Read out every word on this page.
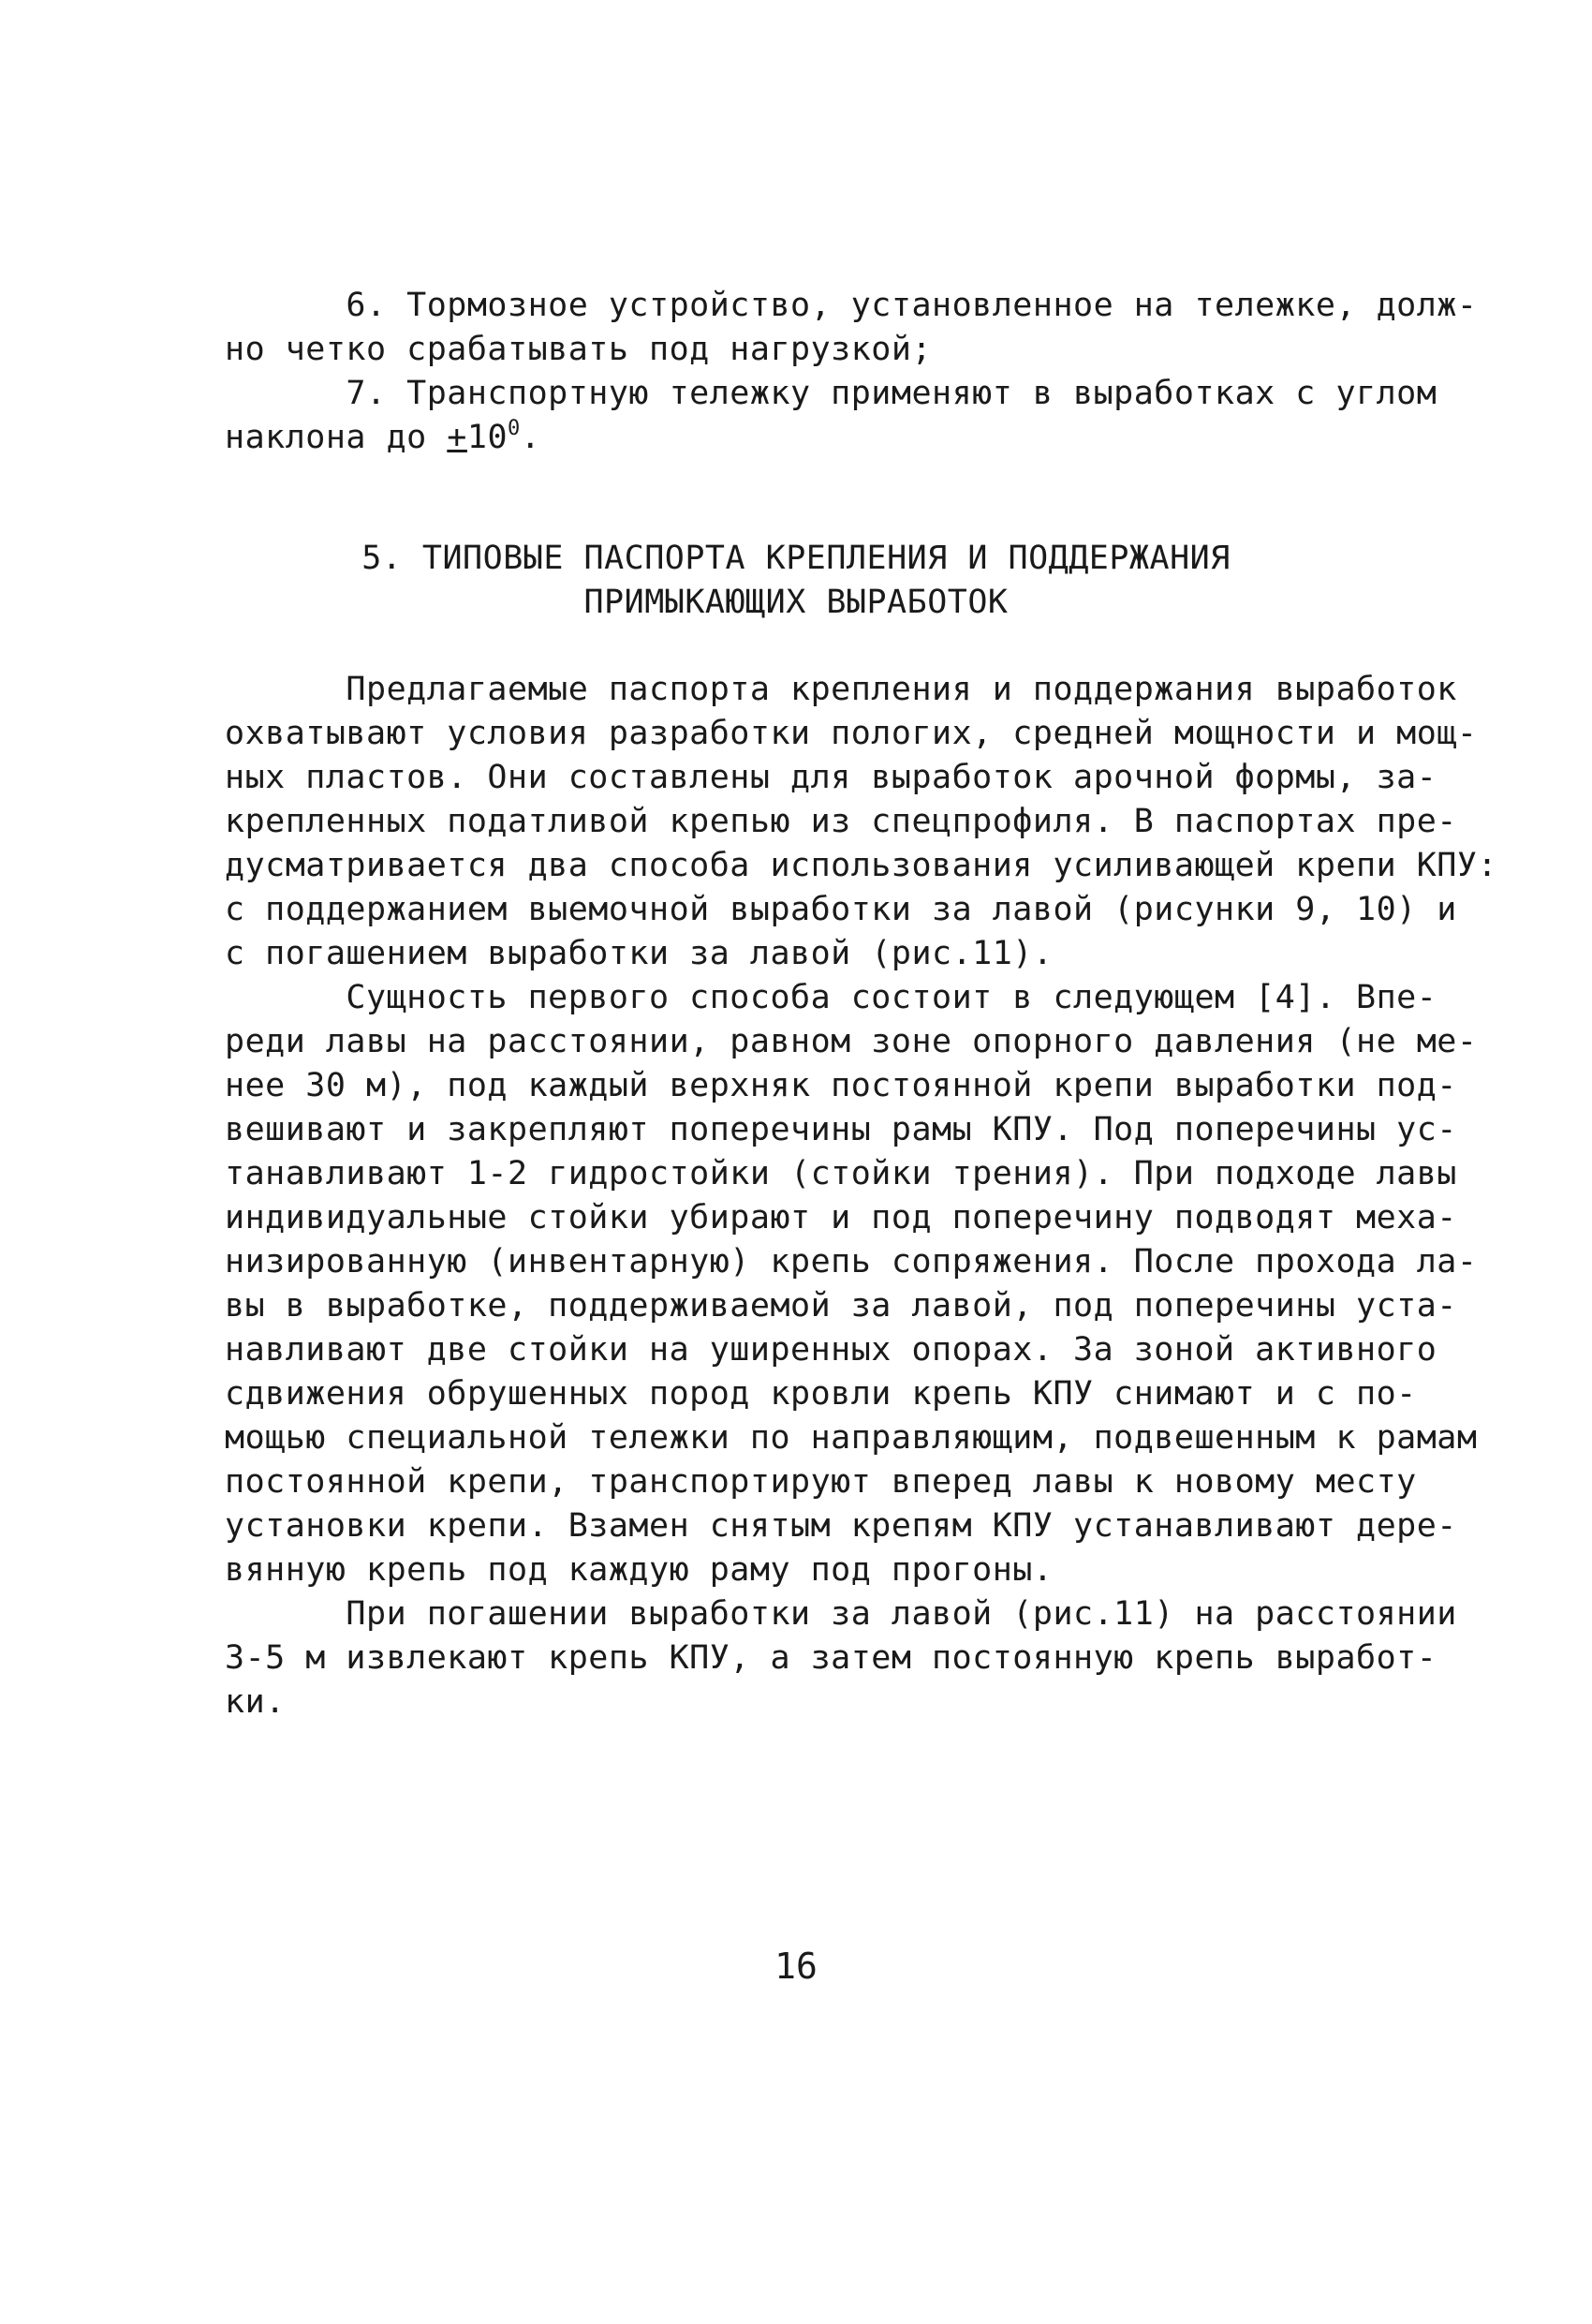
6. Тормозное устройство, установленное на тележке, долж-
но четко срабатывать под нагрузкой;
7. Транспортную тележку применяют в выработках с углом
наклона до $+10^0$.
5. ТИПОВЫЕ ПАСПОРТА КРЕПЛЕНИЯ И ПОДДЕРЖАНИЯ
ПРИМЫКАЮЩИХ ВЫРАБОТОК
Предлагаемые паспорта крепления и поддержания выработок
охватывают условия разработки пологих, средней мощности и мощ-
ных пластов. Они составлены для выработок арочной формы, за-
крепленных податливой крепью из спецпрофиля. В паспортах пре-
дусматривается два способа использования усиливающей крепи КПУ:
с поддержанием выемочной выработки за лавой (рисунки 9, 10) и
с погашением выработки за лавой (рис.11).
Сущность первого способа состоит в следующем [4]. Впе-
реди лавы на расстоянии, равном зоне опорного давления (не ме-
нее 30 м), под каждый верхняк постоянной крепи выработки под-
вешивают и закрепляют поперечины рамы КПУ. Под поперечины ус-
танавливают 1-2 гидростойки (стойки трения). При подходе лавы
индивидуальные стойки убирают и под поперечину подводят меха-
низированную (инвентарную) крепь сопряжения. После прохода ла-
вы в выработке, поддерживаемой за лавой, под поперечины уста-
навливают две стойки на уширенных опорах. За зоной активного
сдвижения обрушенных пород кровли крепь КПУ снимают и с по-
мощью специальной тележки по направляющим, подвешенным к рамам
постоянной крепи, транспортируют вперед лавы к новому месту
установки крепи. Взамен снятым крепям КПУ устанавливают дере-
вянную крепь под каждую раму под прогоны.
При погашении выработки за лавой (рис.11) на расстоянии
3-5 м извлекают крепь КПУ, а затем постоянную крепь выработ-
ки.
16
